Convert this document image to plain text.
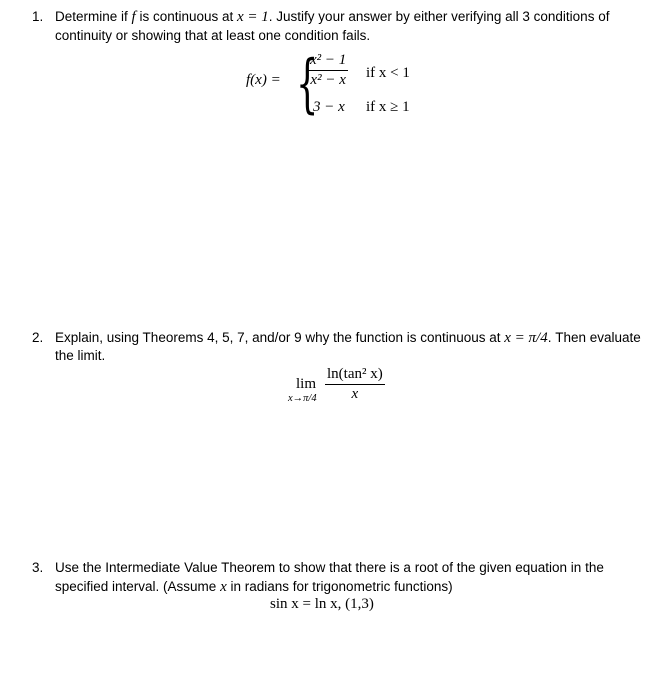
1. Determine if f is continuous at x = 1. Justify your answer by either verifying all 3 conditions of
continuity or showing that at least one condition fails.
f(x) = {
$\frac{\text{x² − 1}}{\text{x² − x}}$ if x < 1
3 − x if x ≥ 1
2. Explain, using Theorems 4, 5, 7, and/or 9 why the function is continuous at x = π/4. Then evaluate
the limit.
lim
$x\to\pi/4 \frac{\text{ln(tan² x)}}{x}$
3. Use the Intermediate Value Theorem to show that there is a root of the given equation in the
specified interval. (Assume x in radians for trigonometric functions)
sin x = ln x, (1,3)
